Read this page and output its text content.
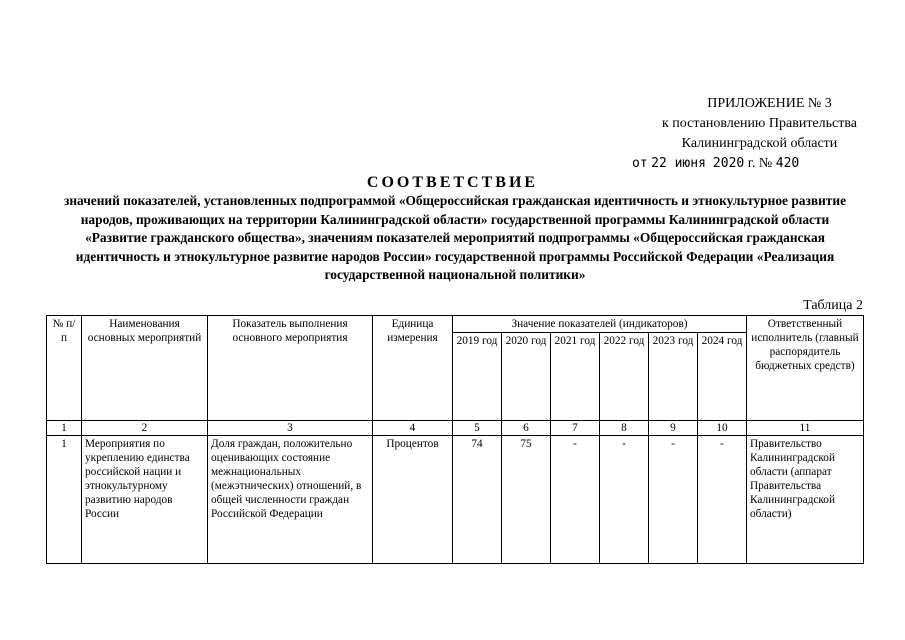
ПРИЛОЖЕНИЕ № 3
к постановлению Правительства
Калининградской области
от 22 июня 2020 г. № 420
СООТВЕТСТВИЕ
значений показателей, установленных подпрограммой «Общероссийская гражданская идентичность и этнокультурное развитие народов, проживающих на территории Калининградской области» государственной программы Калининградской области «Развитие гражданского общества», значениям показателей мероприятий подпрограммы «Общероссийская гражданская идентичность и этнокультурное развитие народов России» государственной программы Российской Федерации «Реализация государственной национальной политики»
Таблица 2
№ п/п	Наименования основных мероприятий	Показатель выполнения основного мероприятия	Единица измерения	Значение показателей (индикаторов)						Ответственный исполнитель (главный распорядитель бюджетных средств)
				2019 год	2020 год	2021 год	2022 год	2023 год	2024 год	
1	2	3	4	5	6	7	8	9	10	11
1	Мероприятия по укреплению единства российской нации и этнокультурному развитию народов России	Доля граждан, положительно оценивающих состояние межнациональных (межэтнических) отношений, в общей численности граждан Российской Федерации	Процентов	74	75	-	-	-	-	Правительство Калининградской области (аппарат Правительства Калининградской области)
